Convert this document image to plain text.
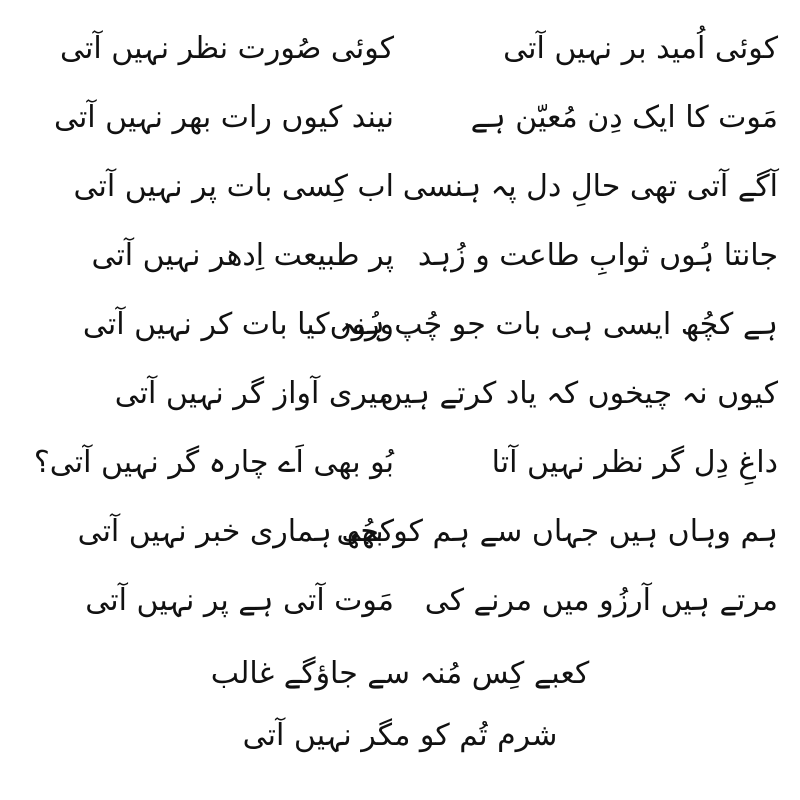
کوئی اُمید بر نہیں آتی
کوئی صُورت نظر نہیں آتی
مَوت کا ایک دِن مُعیّن ہے
نیند کیوں رات بھر نہیں آتی
آگے آتی تھی حالِ دل پہ ہنسی
اب کِسی بات پر نہیں آتی
جانتا ہُوں ثوابِ طاعت و زُہد
پر طبیعت اِدھر نہیں آتی
ہے کچُھ ایسی ہی بات جو چُپ ہُوں
ورنہ کیا بات کر نہیں آتی
کیوں نہ چیخوں کہ یاد کرتے ہیں
میری آواز گر نہیں آتی
داغِ دِل گر نظر نہیں آتا
بُو بھی اَے چارہ گر نہیں آتی؟
ہم وہاں ہیں جہاں سے ہم کو بھی
کچُھ ہماری خبر نہیں آتی
مرتے ہیں آرزُو میں مرنے کی
مَوت آتی ہے پر نہیں آتی
کعبے کِس مُنہ سے جاؤگے غالب
شرم تُم کو مگر نہیں آتی
